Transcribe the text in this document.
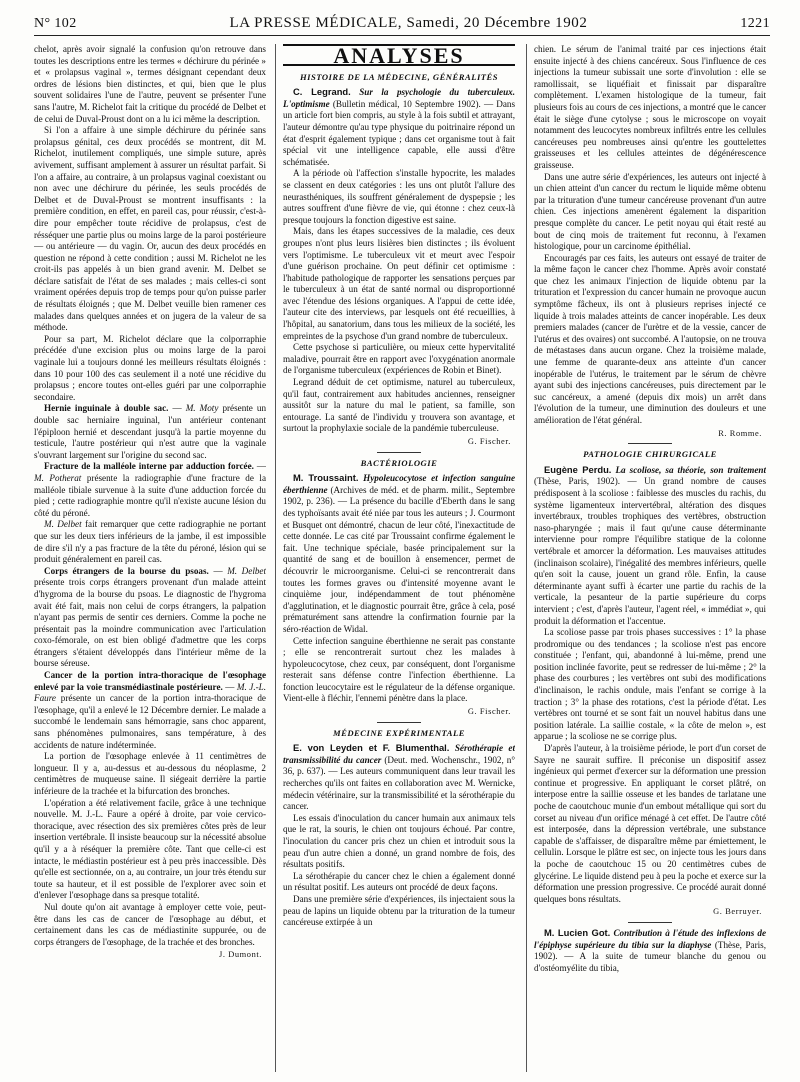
N° 102	LA PRESSE MÉDICALE, Samedi, 20 Décembre 1902	1221

chelot, après avoir signalé la confusion qu'on retrouve dans toutes les descriptions entre les termes « déchirure du périnée » et « prolapsus vaginal », termes désignant cependant deux ordres de lésions bien distinctes, et qui, bien que le plus souvent solidaires l'une de l'autre, peuvent se présenter l'une sans l'autre, M. Richelot fait la critique du procédé de Delbet et de celui de Duval-Proust dont on a lu ici même la description.

Si l'on a affaire à une simple déchirure du périnée sans prolapsus génital, ces deux procédés se montrent, dit M. Richelot, inutilement compliqués, une simple suture, après avivement, suffisant amplement à assurer un résultat parfait. Si l'on a affaire, au contraire, à un prolapsus vaginal coexistant ou non avec une déchirure du périnée, les seuls procédés de Delbet et de Duval-Proust se montrent insuffisants : la première condition, en effet, en pareil cas, pour réussir, c'est-à-dire pour empêcher toute récidive de prolapsus, c'est de résséquer une partie plus ou moins large de la paroi postérieure — ou antérieure — du vagin. Or, aucun des deux procédés en question ne répond à cette condition ; aussi M. Richelot ne les croit-ils pas appelés à un bien grand avenir. M. Delbet se déclare satisfait de l'état de ses malades ; mais celles-ci sont vraiment opérées depuis trop de temps pour qu'on puisse parler de résultats éloignés ; que M. Delbet veuille bien ramener ces malades dans quelques années et on jugera de la valeur de sa méthode.

Pour sa part, M. Richelot déclare que la colporraphie précédée d'une excision plus ou moins large de la paroi vaginale lui a toujours donné les meilleurs résultats éloignés : dans 10 pour 100 des cas seulement il a noté une récidive du prolapsus ; encore toutes ont-elles guéri par une colporraphie secondaire.

Hernie inguinale à double sac. — M. Moty présente un double sac herniaire inguinal, l'un antérieur contenant l'épiploon hernié et descendant jusqu'à la partie moyenne du testicule, l'autre postérieur qui n'est autre que la vaginale s'ouvrant largement sur l'origine du second sac.

Fracture de la malléole interne par adduction forcée. — M. Potherat présente la radiographie d'une fracture de la malléole tibiale survenue à la suite d'une adduction forcée du pied ; cette radiographie montre qu'il n'existe aucune lésion du côté du péroné.

M. Delbet fait remarquer que cette radiographie ne portant que sur les deux tiers inférieurs de la jambe, il est impossible de dire s'il n'y a pas fracture de la tête du péroné, lésion qui se produit généralement en pareil cas.

Corps étrangers de la bourse du psoas. — M. Delbet présente trois corps étrangers provenant d'un malade atteint d'hygroma de la bourse du psoas. Le diagnostic de l'hygroma avait été fait, mais non celui de corps étrangers, la palpation n'ayant pas permis de sentir ces derniers. Comme la poche ne présentait pas la moindre communication avec l'articulation coxo-fémorale, on est bien obligé d'admettre que les corps étrangers s'étaient développés dans l'intérieur même de la bourse séreuse.

Cancer de la portion intra-thoracique de l'œsophage enlevé par la voie transmédiastinale postérieure. — M. J.-L. Faure présente un cancer de la portion intra-thoracique de l'œsophage, qu'il a enlevé le 12 Décembre dernier. Le malade a succombé le lendemain sans hémorragie, sans choc apparent, sans phénomènes pulmonaires, sans température, à des accidents de nature indéterminée.

La portion de l'œsophage enlevée à 11 centimètres de longueur. Il y a, au-dessus et au-dessous du néoplasme, 2 centimètres de muqueuse saine. Il siégeait derrière la partie inférieure de la trachée et la bifurcation des bronches.

L'opération a été relativement facile, grâce à une technique nouvelle. M. J.-L. Faure a opéré à droite, par voie cervico-thoracique, avec résection des six premières côtes près de leur insertion vertébrale. Il insiste beaucoup sur la nécessité absolue qu'il y a à réséquer la première côte. Tant que celle-ci est intacte, le médiastin postérieur est à peu près inaccessible. Dès qu'elle est sectionnée, on a, au contraire, un jour très étendu sur toute sa hauteur, et il est possible de l'explorer avec soin et d'enlever l'œsophage dans sa presque totalité.

Nul doute qu'on ait avantage à employer cette voie, peut-être dans les cas de cancer de l'œsophage au début, et certainement dans les cas de médiastinite suppurée, ou de corps étrangers de l'œsophage, de la trachée et des bronches.

J. Dumont.
ANALYSES
HISTOIRE DE LA MÉDECINE, GÉNÉRALITÉS

C. Legrand. Sur la psychologie du tuberculeux. L'optimisme (Bulletin médical, 10 Septembre 1902). — Dans un article fort bien compris, au style à la fois subtil et attrayant, l'auteur démontre qu'au type physique du poitrinaire répond un état d'esprit également typique ; dans cet organisme tout à fait spécial vit une intelligence capable, elle aussi d'être schématisée.

A la période où l'affection s'installe hypocrite, les malades se classent en deux catégories : les uns ont plutôt l'allure des neurasthéniques, ils souffrent généralement de dyspepsie ; les autres souffrent d'une fièvre de vie, qui étonne : chez ceux-là presque toujours la fonction digestive est saine.

Mais, dans les étapes successives de la maladie, ces deux groupes n'ont plus leurs lisières bien distinctes ; ils évoluent vers l'optimisme. Le tuberculeux vit et meurt avec l'espoir d'une guérison prochaine. On peut définir cet optimisme : l'habitude pathologique de rapporter les sensations perçues par le tuberculeux à un état de santé normal ou disproportionné avec l'étendue des lésions organiques. A l'appui de cette idée, l'auteur cite des interviews, par lesquels ont été recueillies, à l'hôpital, au sanatorium, dans tous les milieux de la société, les empreintes de la psychose d'un grand nombre de tuberculeux.

Cette psychose si particulière, ou mieux cette hypervitalité maladive, pourrait être en rapport avec l'oxygénation anormale de l'organisme tuberculeux (expériences de Robin et Binet).

Legrand déduit de cet optimisme, naturel au tuberculeux, qu'il faut, contrairement aux habitudes anciennes, renseigner aussitôt sur la nature du mal le patient, sa famille, son entourage. La santé de l'individu y trouvera son avantage, et surtout la prophylaxie sociale de la pandémie tuberculeuse.

G. Fischer.
BACTÉRIOLOGIE

M. Troussaint. Hypoleucocytose et infection sanguine éberthienne (Archives de méd. et de pharm. milit., Septembre 1902, p. 236). — La présence du bacille d'Eberth dans le sang des typhoïsants avait été niée par tous les auteurs ; J. Courmont et Busquet ont démontré, chacun de leur côté, l'inexactitude de cette donnée. Le cas cité par Troussaint confirme également le fait. Une technique spéciale, basée principalement sur la quantité de sang et de bouillon à ensemencer, permet de découvrir le microorganisme. Celui-ci se rencontrerait dans toutes les formes graves ou d'intensité moyenne avant le cinquième jour, indépendamment de tout phénomène d'agglutination, et le diagnostic pourrait être, grâce à cela, posé prématurément sans attendre la confirmation fournie par la séro-réaction de Widal.

Cette infection sanguine éberthienne ne serait pas constante ; elle se rencontrerait surtout chez les malades à hypoleucocytose, chez ceux, par conséquent, dont l'organisme resterait sans défense contre l'infection éberthienne. La fonction leucocytaire est le régulateur de la défense organique. Vient-elle à fléchir, l'ennemi pénètre dans la place.

G. Fischer.
MÉDECINE EXPÉRIMENTALE

E. von Leyden et F. Blumenthal. Sérothérapie et transmissibilité du cancer (Deut. med. Wochenschr., 1902, n° 36, p. 637). — Les auteurs communiquent dans leur travail les recherches qu'ils ont faites en collaboration avec M. Wernicke, médecin vétérinaire, sur la transmissibilité et la sérothérapie du cancer.

Les essais d'inoculation du cancer humain aux animaux tels que le rat, la souris, le chien ont toujours échoué. Par contre, l'inoculation du cancer pris chez un chien et introduit sous la peau d'un autre chien a donné, un grand nombre de fois, des résultats positifs.

La sérothérapie du cancer chez le chien a également donné un résultat positif. Les auteurs ont procédé de deux façons.

Dans une première série d'expériences, ils injectaient sous la peau de lapins un liquide obtenu par la trituration de la tumeur cancéreuse extirpée à un

chien. Le sérum de l'animal traité par ces injections était ensuite injecté à des chiens cancéreux. Sous l'influence de ces injections la tumeur subissait une sorte d'involution : elle se ramollissait, se liquéfiait et finissait par disparaître complètement. L'examen histologique de la tumeur, fait plusieurs fois au cours de ces injections, a montré que le cancer était le siège d'une cytolyse ; sous le microscope on voyait notamment des leucocytes nombreux infiltrés entre les cellules cancéreuses peu nombreuses ainsi qu'entre les gouttelettes graisseuses et les cellules atteintes de dégénérescence graisseuse.

Dans une autre série d'expériences, les auteurs ont injecté à un chien atteint d'un cancer du rectum le liquide même obtenu par la trituration d'une tumeur cancéreuse provenant d'un autre chien. Ces injections amenèrent également la disparition presque complète du cancer. Le petit noyau qui était resté au bout de cinq mois de traitement fut reconnu, à l'examen histologique, pour un carcinome épithélial.

Encouragés par ces faits, les auteurs ont essayé de traiter de la même façon le cancer chez l'homme. Après avoir constaté que chez les animaux l'injection de liquide obtenu par la trituration et l'expression du cancer humain ne provoque aucun symptôme fâcheux, ils ont à plusieurs reprises injecté ce liquide à trois malades atteints de cancer inopérable. Les deux premiers malades (cancer de l'urètre et de la vessie, cancer de l'utérus et des ovaires) ont succombé. A l'autopsie, on ne trouva de métastases dans aucun organe. Chez la troisième malade, une femme de quarante-deux ans atteinte d'un cancer inopérable de l'utérus, le traitement par le sérum de chèvre ayant subi des injections cancéreuses, puis directement par le suc cancéreux, a amené (depuis dix mois) un arrêt dans l'évolution de la tumeur, une diminution des douleurs et une amélioration de l'état général.

R. Romme.
PATHOLOGIE CHIRURGICALE

Eugène Perdu. La scoliose, sa théorie, son traitement (Thèse, Paris, 1902). — Un grand nombre de causes prédisposent à la scoliose : faiblesse des muscles du rachis, du système ligamenteux intervertébral, altération des disques invertébraux, troubles trophiques des vertèbres, obstruction naso-pharyngée ; mais il faut qu'une cause déterminante intervienne pour rompre l'équilibre statique de la colonne vertébrale et amorcer la déformation. Les mauvaises attitudes (inclinaison scolaire), l'inégalité des membres inférieurs, quelle qu'en soit la cause, jouent un grand rôle. Enfin, la cause déterminante ayant suffi à écarter une partie du rachis de la verticale, la pesanteur de la partie supérieure du corps intervient ; c'est, d'après l'auteur, l'agent réel, « immédiat », qui produit la déformation et l'accentue.

La scoliose passe par trois phases successives : 1° la phase prodromique ou des tendances ; la scoliose n'est pas encore constituée ; l'enfant, qui, abandonné à lui-même, prend une position inclinée favorite, peut se redresser de lui-même ; 2° la phase des courbures ; les vertèbres ont subi des modifications d'inclinaison, le rachis ondule, mais l'enfant se corrige à la traction ; 3° la phase des rotations, c'est la période d'état. Les vertèbres ont tourné et se sont fait un nouvel habitus dans une position latérale. La saillie costale, « la côte de melon », est apparue ; la scoliose ne se corrige plus.

D'après l'auteur, à la troisième période, le port d'un corset de Sayre ne saurait suffire. Il préconise un dispositif assez ingénieux qui permet d'exercer sur la déformation une pression continue et progressive. En appliquant le corset plâtré, on interpose entre la saillie osseuse et les bandes de tarlatane une poche de caoutchouc munie d'un embout métallique qui sort du corset au niveau d'un orifice ménagé à cet effet. De l'autre côté est interposée, dans la dépression vertébrale, une substance capable de s'affaisser, de disparaître même par émiettement, le cellulin. Lorsque le plâtre est sec, on injecte tous les jours dans la poche de caoutchouc 15 ou 20 centimètres cubes de glycérine. Le liquide distend peu à peu la poche et exerce sur la déformation une pression progressive. Ce procédé aurait donné quelques bons résultats.

G. Berruyer.

M. Lucien Got. Contribution à l'étude des inflexions de l'épiphyse supérieure du tibia sur la diaphyse (Thèse, Paris, 1902). — A la suite de tumeur blanche du genou ou d'ostéomyélite du tibia,
